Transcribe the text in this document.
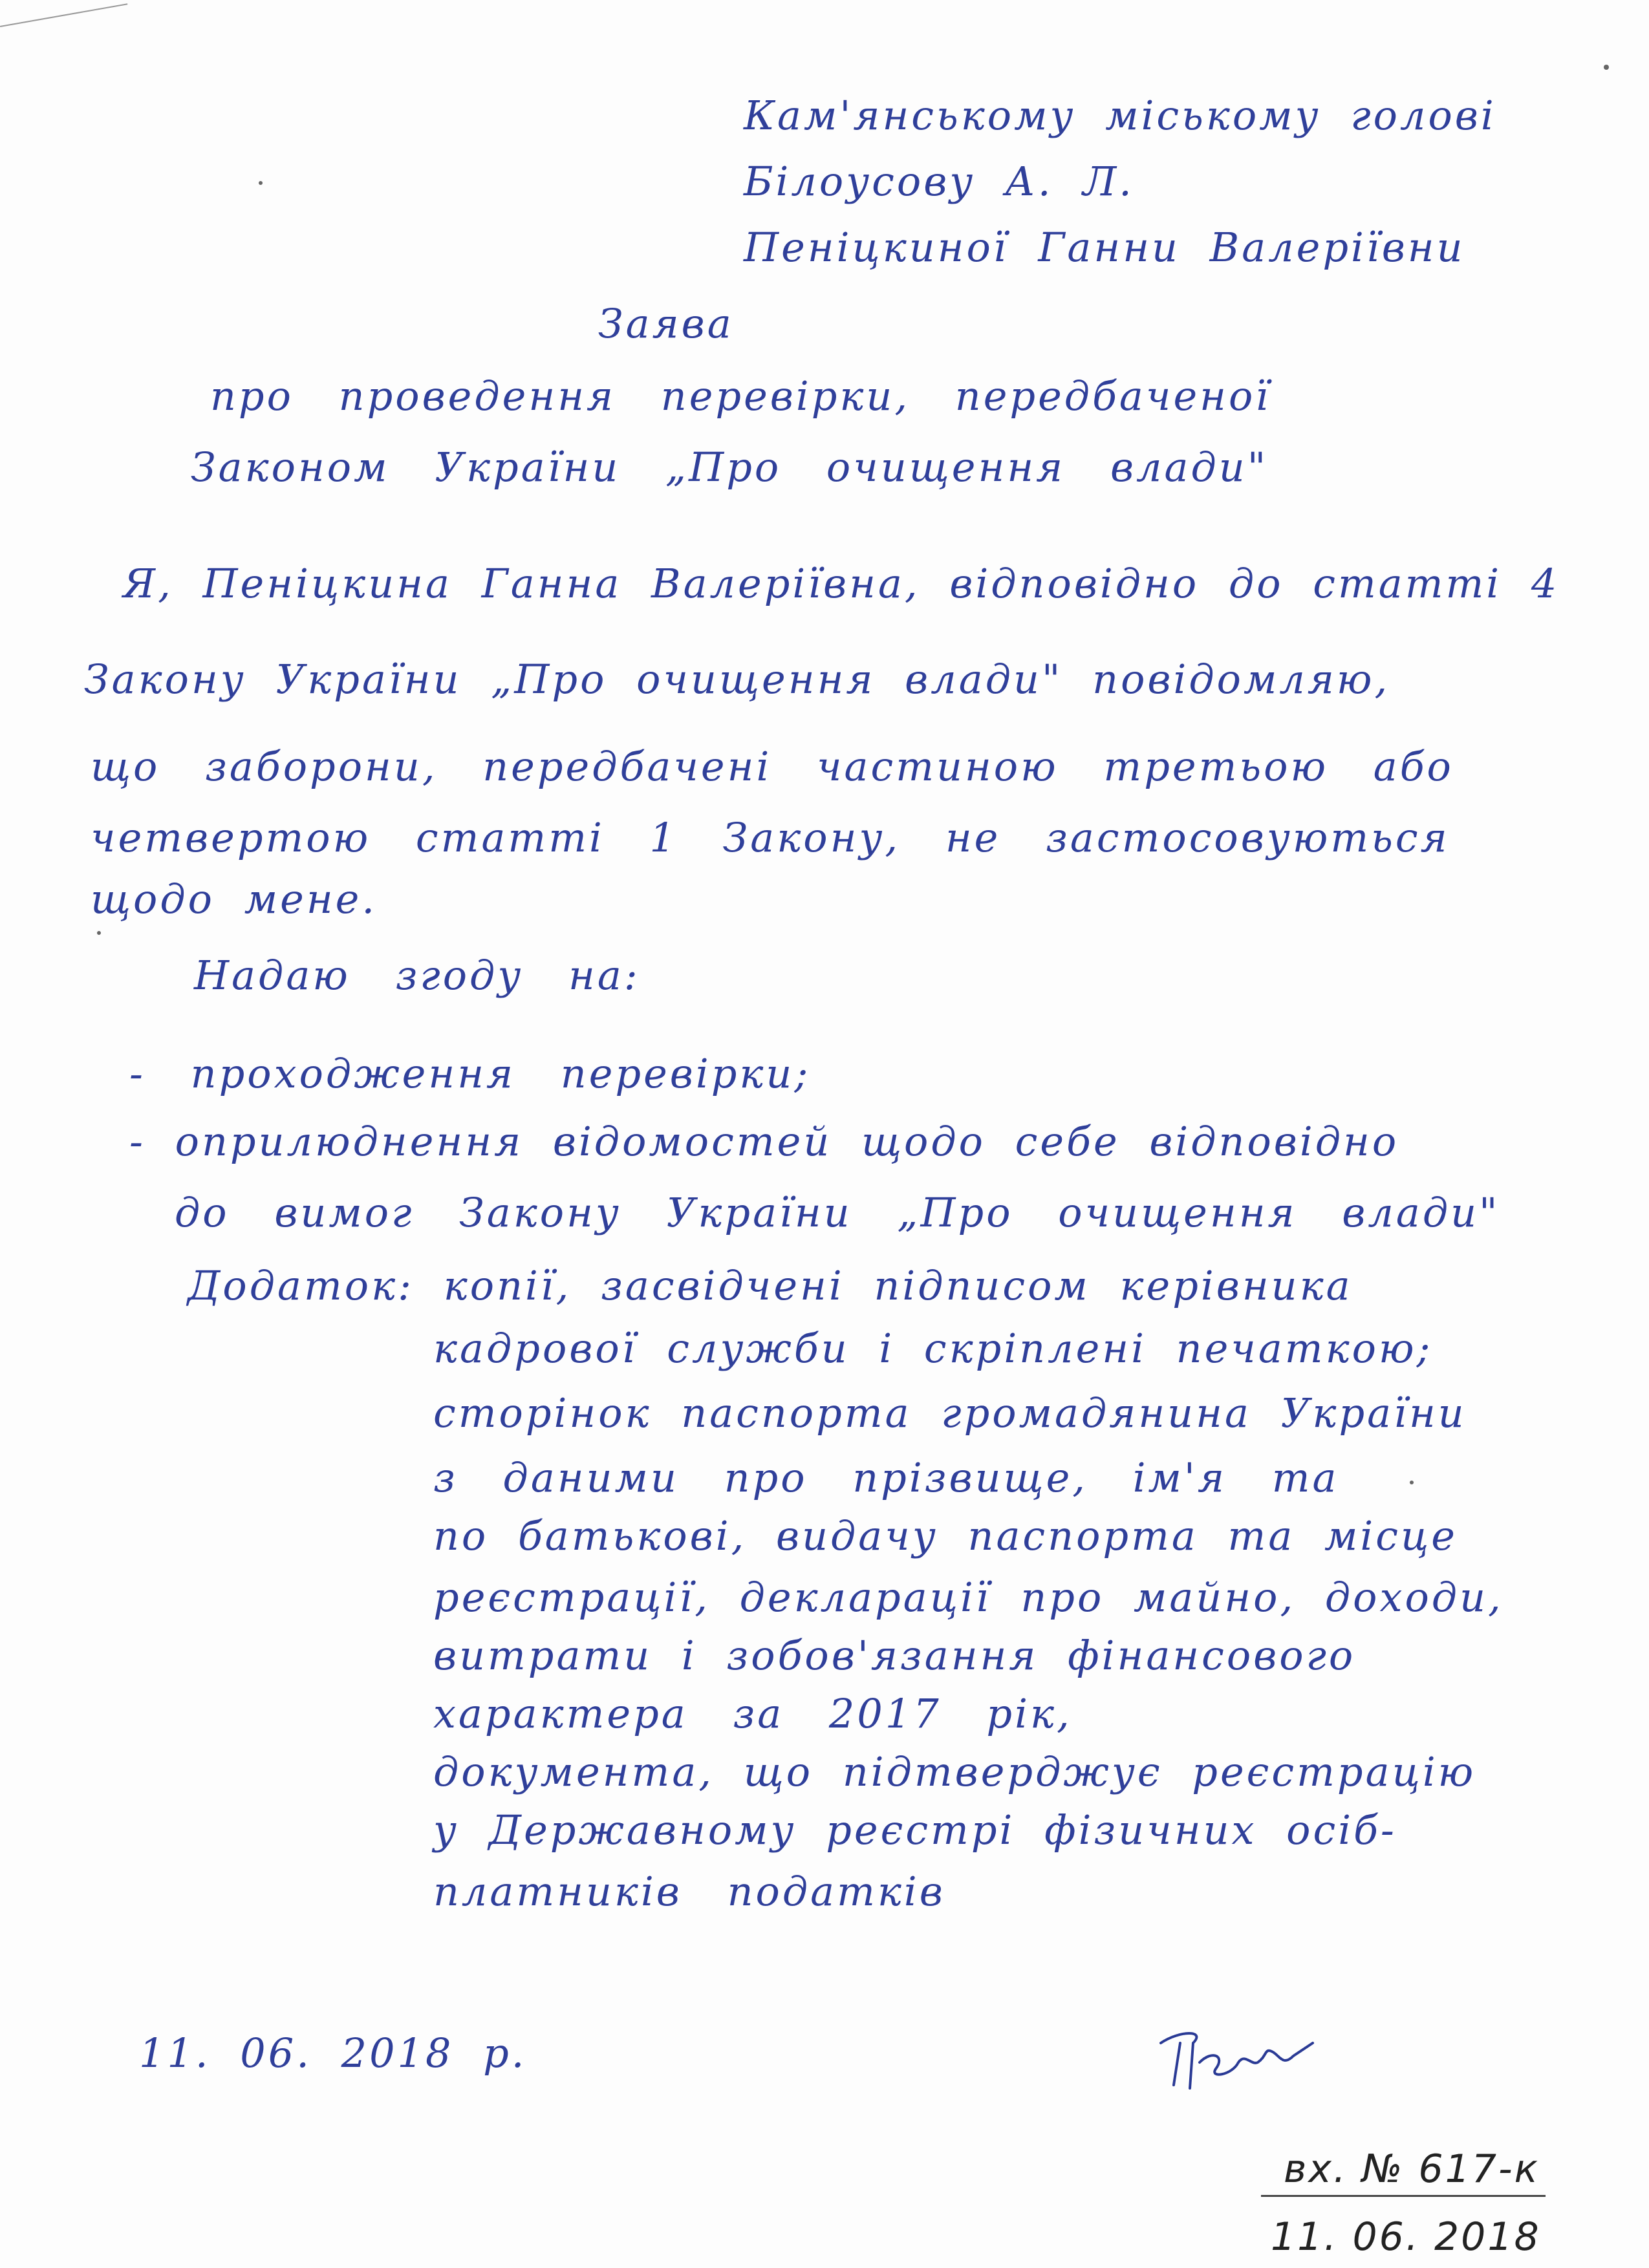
Кам'янському міському голові
Білоусову А. Л.
Пеніцкиної Ганни Валеріївни
Заява
про проведення перевірки, передбаченої
Законом України „Про очищення влади"
Я, Пеніцкина Ганна Валеріївна, відповідно до статті 4
Закону України „Про очищення влади" повідомляю,
що заборони, передбачені частиною третьою або
четвертою статті 1 Закону, не застосовуються
щодо мене.
Надаю згоду на:
- проходження перевірки;
- оприлюднення відомостей щодо себе відповідно
до вимог Закону України „Про очищення влади"
Додаток: копії, засвідчені підписом керівника
кадрової служби і скріплені печаткою;
сторінок паспорта громадянина України
з даними про прізвище, ім'я та
по батькові, видачу паспорта та місце
реєстрації, декларації про майно, доходи,
витрати і зобов'язання фінансового
характера за 2017 рік,
документа, що підтверджує реєстрацію
у Державному реєстрі фізичних осіб-
платників податків
11. 06. 2018 р.
вх. № 617-к
11. 06. 2018
